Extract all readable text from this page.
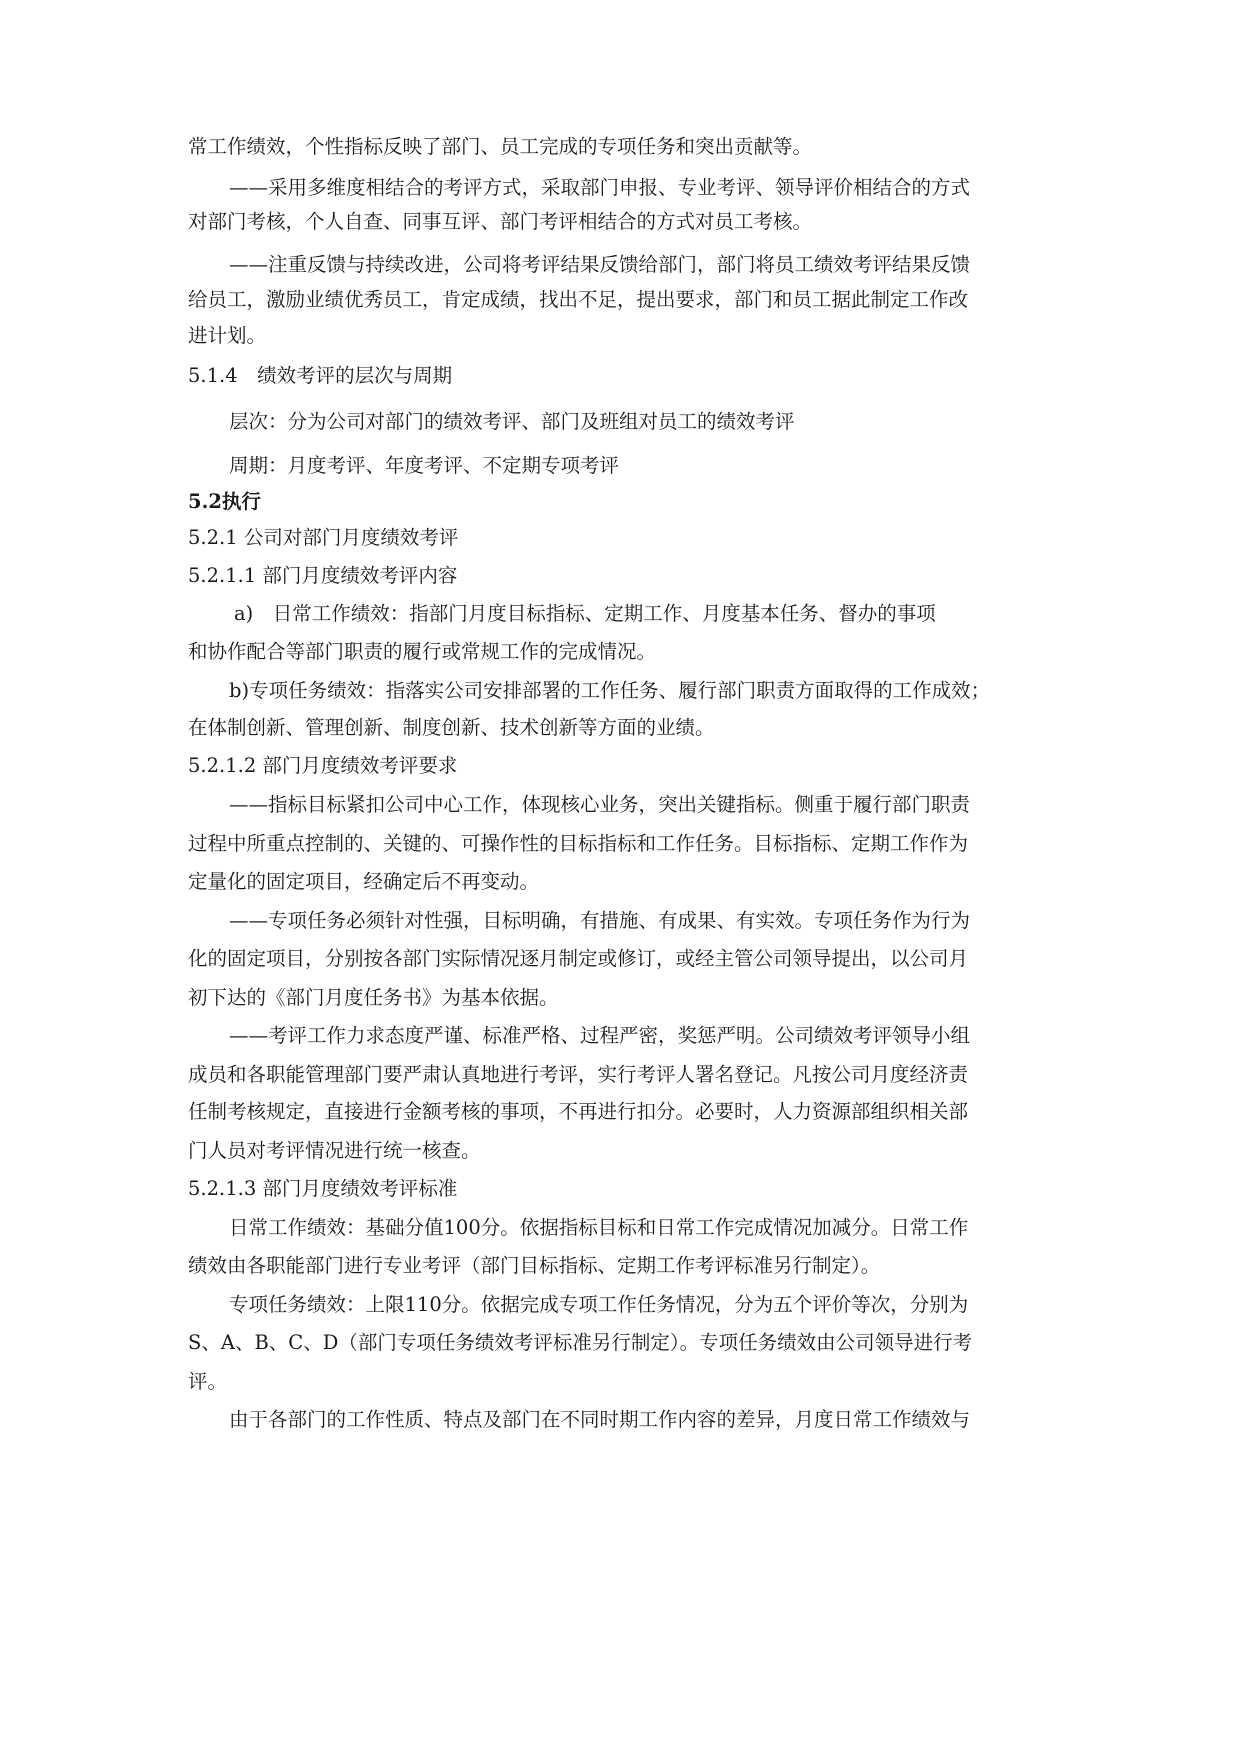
常工作绩效，个性指标反映了部门、员工完成的专项任务和突出贡献等。

——采用多维度相结合的考评方式，采取部门申报、专业考评、领导评价相结合的方式

对部门考核，个人自查、同事互评、部门考评相结合的方式对员工考核。

——注重反馈与持续改进，公司将考评结果反馈给部门，部门将员工绩效考评结果反馈

给员工，激励业绩优秀员工，肯定成绩，找出不足，提出要求，部门和员工据此制定工作改

进计划。

5.1.4　绩效考评的层次与周期

层次：分为公司对部门的绩效考评、部门及班组对员工的绩效考评

周期：月度考评、年度考评、不定期专项考评

5.2执行

5.2.1 公司对部门月度绩效考评

5.2.1.1 部门月度绩效考评内容

a)　日常工作绩效：指部门月度目标指标、定期工作、月度基本任务、督办的事项

和协作配合等部门职责的履行或常规工作的完成情况。

b)专项任务绩效：指落实公司安排部署的工作任务、履行部门职责方面取得的工作成效；

在体制创新、管理创新、制度创新、技术创新等方面的业绩。

5.2.1.2 部门月度绩效考评要求

——指标目标紧扣公司中心工作，体现核心业务，突出关键指标。侧重于履行部门职责

过程中所重点控制的、关键的、可操作性的目标指标和工作任务。目标指标、定期工作作为

定量化的固定项目，经确定后不再变动。

——专项任务必须针对性强，目标明确，有措施、有成果、有实效。专项任务作为行为

化的固定项目，分别按各部门实际情况逐月制定或修订，或经主管公司领导提出，以公司月

初下达的《部门月度任务书》为基本依据。

——考评工作力求态度严谨、标准严格、过程严密，奖惩严明。公司绩效考评领导小组

成员和各职能管理部门要严肃认真地进行考评，实行考评人署名登记。凡按公司月度经济责

任制考核规定，直接进行金额考核的事项，不再进行扣分。必要时，人力资源部组织相关部

门人员对考评情况进行统一核查。

5.2.1.3 部门月度绩效考评标准

日常工作绩效：基础分值100分。依据指标目标和日常工作完成情况加减分。日常工作

绩效由各职能部门进行专业考评（部门目标指标、定期工作考评标准另行制定）。

专项任务绩效：上限110分。依据完成专项工作任务情况，分为五个评价等次，分别为

S、A、B、C、D（部门专项任务绩效考评标准另行制定）。专项任务绩效由公司领导进行考

评。

由于各部门的工作性质、特点及部门在不同时期工作内容的差异，月度日常工作绩效与
